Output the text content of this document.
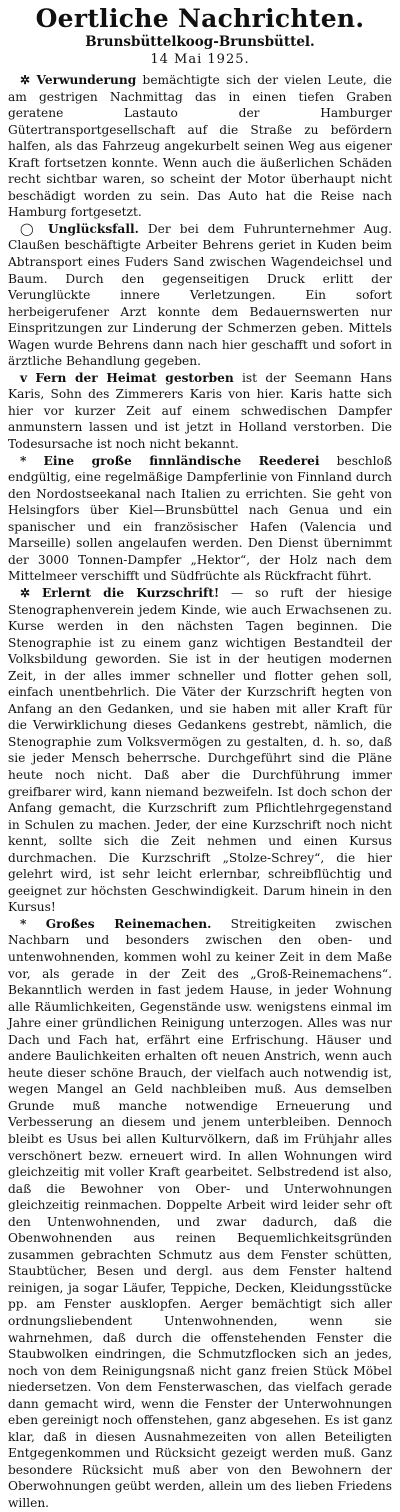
Oertliche Nachrichten.
Brunsbüttelkoog-Brunsbüttel.
14 Mai 1925.

✲ Verwunderung bemächtigte sich der vielen Leute, die am gestrigen Nachmittag das in einen tiefen Graben geratene Lastauto der Hamburger Gütertransportgesellschaft auf die Straße zu befördern halfen, als das Fahrzeug angekurbelt seinen Weg aus eigener Kraft fortsetzen konnte. Wenn auch die äußerlichen Schäden recht sichtbar waren, so scheint der Motor überhaupt nicht beschädigt worden zu sein. Das Auto hat die Reise nach Hamburg fortgesetzt.

◯ Unglücksfall. Der bei dem Fuhrunternehmer Aug. Claußen beschäftigte Arbeiter Behrens geriet in Kuden beim Abtransport eines Fuders Sand zwischen Wagendeichsel und Baum. Durch den gegenseitigen Druck erlitt der Verunglückte innere Verletzungen. Ein sofort herbeigerufener Arzt konnte dem Bedauernswerten nur Einspritzungen zur Linderung der Schmerzen geben. Mittels Wagen wurde Behrens dann nach hier geschafft und sofort in ärztliche Behandlung gegeben.

v Fern der Heimat gestorben ist der Seemann Hans Karis, Sohn des Zimmerers Karis von hier. Karis hatte sich hier vor kurzer Zeit auf einem schwedischen Dampfer anmunstern lassen und ist jetzt in Holland verstorben. Die Todesursache ist noch nicht bekannt.

* Eine große finnländische Reederei beschloß endgültig, eine regelmäßige Dampferlinie von Finnland durch den Nordostseekanal nach Italien zu errichten. Sie geht von Helsingfors über Kiel—Brunsbüttel nach Genua und ein spanischer und ein französischer Hafen (Valencia und Marseille) sollen angelaufen werden. Den Dienst übernimmt der 3000 Tonnen-Dampfer „Hektor“, der Holz nach dem Mittelmeer verschifft und Südfrüchte als Rückfracht führt.

✲ Erlernt die Kurzschrift! — so ruft der hiesige Stenographenverein jedem Kinde, wie auch Erwachsenen zu. Kurse werden in den nächsten Tagen beginnen. Die Stenographie ist zu einem ganz wichtigen Bestandteil der Volksbildung geworden. Sie ist in der heutigen modernen Zeit, in der alles immer schneller und flotter gehen soll, einfach unentbehrlich. Die Väter der Kurzschrift hegten von Anfang an den Gedanken, und sie haben mit aller Kraft für die Verwirklichung dieses Gedankens gestrebt, nämlich, die Stenographie zum Volksvermögen zu gestalten, d. h. so, daß sie jeder Mensch beherrsche. Durchgeführt sind die Pläne heute noch nicht. Daß aber die Durchführung immer greifbarer wird, kann niemand bezweifeln. Ist doch schon der Anfang gemacht, die Kurzschrift zum Pflichtlehrgegenstand in Schulen zu machen. Jeder, der eine Kurzschrift noch nicht kennt, sollte sich die Zeit nehmen und einen Kursus durchmachen. Die Kurzschrift „Stolze-Schrey“, die hier gelehrt wird, ist sehr leicht erlernbar, schreibflüchtig und geeignet zur höchsten Geschwindigkeit. Darum hinein in den Kursus!

* Großes Reinemachen. Streitigkeiten zwischen Nachbarn und besonders zwischen den oben- und untenwohnenden, kommen wohl zu keiner Zeit in dem Maße vor, als gerade in der Zeit des „Groß-Reinemachens“. Bekanntlich werden in fast jedem Hause, in jeder Wohnung alle Räumlichkeiten, Gegenstände usw. wenigstens einmal im Jahre einer gründlichen Reinigung unterzogen. Alles was nur Dach und Fach hat, erfährt eine Erfrischung. Häuser und andere Baulichkeiten erhalten oft neuen Anstrich, wenn auch heute dieser schöne Brauch, der vielfach auch notwendig ist, wegen Mangel an Geld nachbleiben muß. Aus demselben Grunde muß manche notwendige Erneuerung und Verbesserung an diesem und jenem unterbleiben. Dennoch bleibt es Usus bei allen Kulturvölkern, daß im Frühjahr alles verschönert bezw. erneuert wird. In allen Wohnungen wird gleichzeitig mit voller Kraft gearbeitet. Selbstredend ist also, daß die Bewohner von Ober- und Unterwohnungen gleichzeitig reinmachen. Doppelte Arbeit wird leider sehr oft den Untenwohnenden, und zwar dadurch, daß die Obenwohnenden aus reinen Bequemlichkeitsgründen zusammen gebrachten Schmutz aus dem Fenster schütten, Staubtücher, Besen und dergl. aus dem Fenster haltend reinigen, ja sogar Läufer, Teppiche, Decken, Kleidungsstücke pp. am Fenster ausklopfen. Aerger bemächtigt sich aller ordnungsliebendent Untenwohnenden, wenn sie wahrnehmen, daß durch die offenstehenden Fenster die Staubwolken eindringen, die Schmutzflocken sich an jedes, noch von dem Reinigungsnaß nicht ganz freien Stück Möbel niedersetzen. Von dem Fensterwaschen, das vielfach gerade dann gemacht wird, wenn die Fenster der Unterwohnungen eben gereinigt noch offenstehen, ganz abgesehen. Es ist ganz klar, daß in diesen Ausnahmezeiten von allen Beteiligten Entgegenkommen und Rücksicht gezeigt werden muß. Ganz besondere Rücksicht muß aber von den Bewohnern der Oberwohnungen geübt werden, allein um des lieben Friedens willen.
